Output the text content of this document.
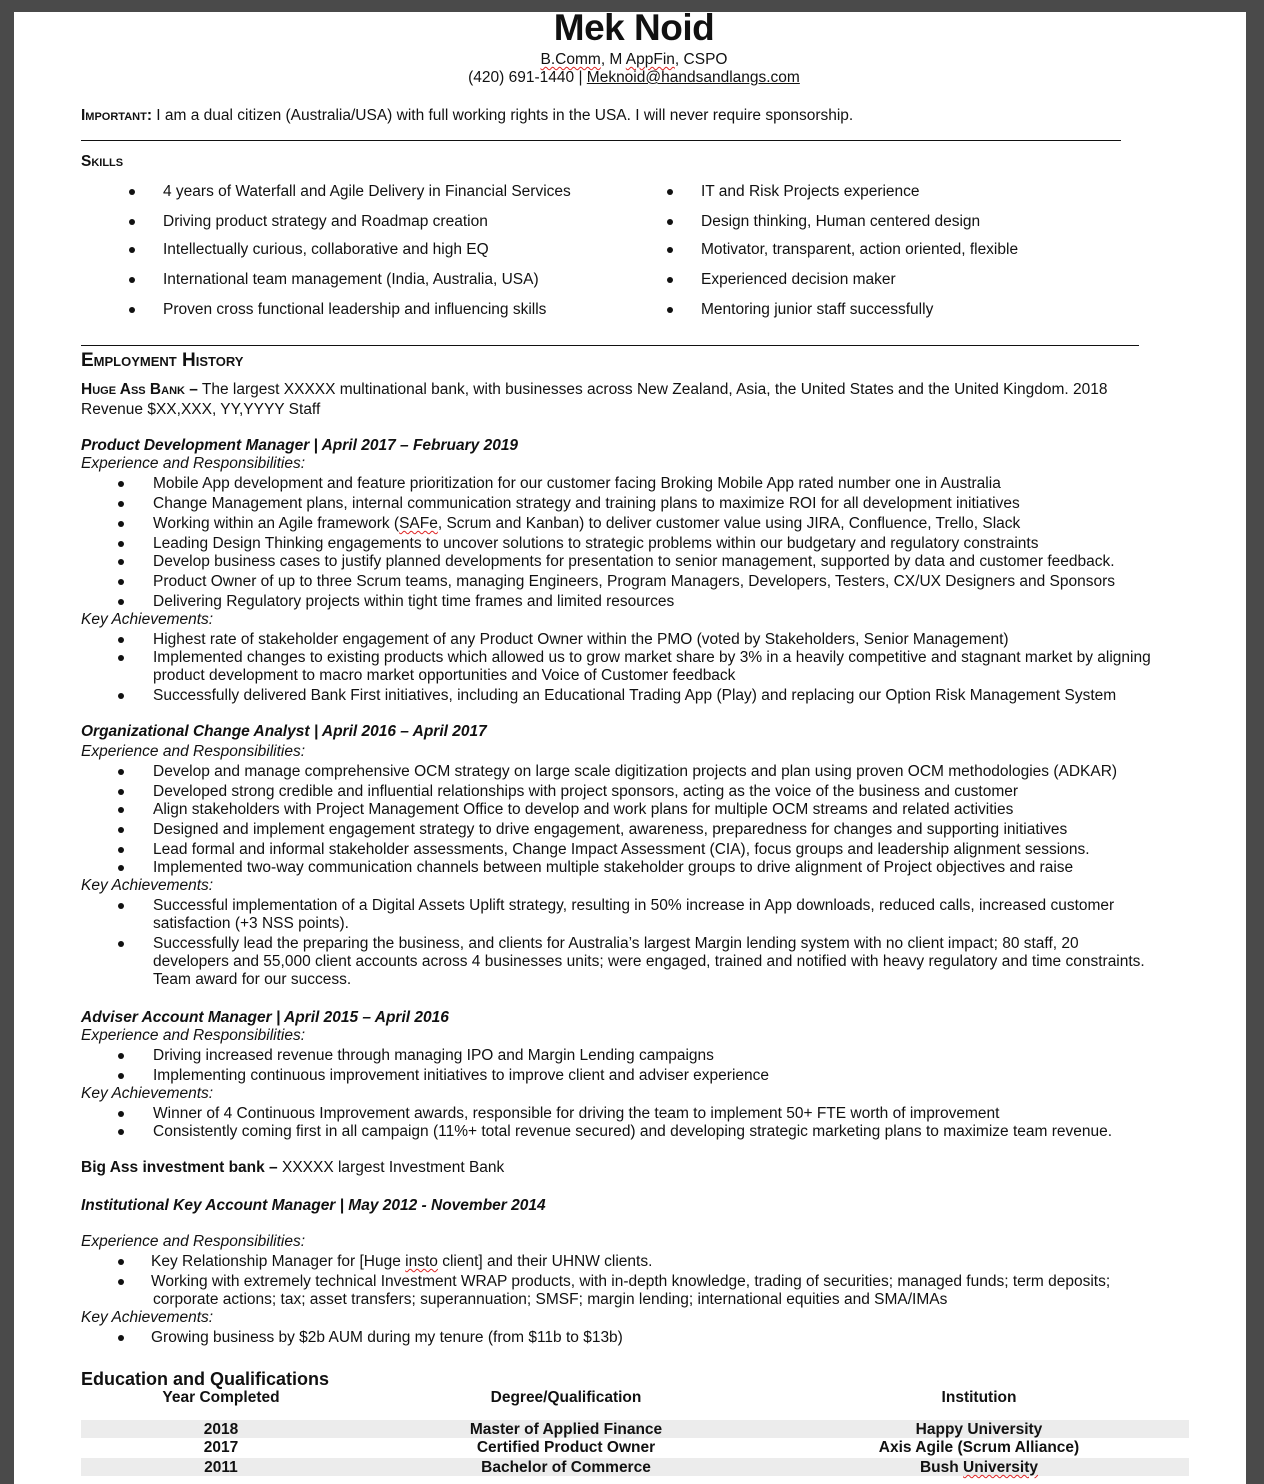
Mek Noid
B.Comm, M AppFin, CSPO
(420) 691-1440 | Meknoid@handsandlangs.com
Important: I am a dual citizen (Australia/USA) with full working rights in the USA. I will never require sponsorship.
Skills
4 years of Waterfall and Agile Delivery in Financial Services
Driving product strategy and Roadmap creation
Intellectually curious, collaborative and high EQ
International team management (India, Australia, USA)
Proven cross functional leadership and influencing skills
IT and Risk Projects experience
Design thinking, Human centered design
Motivator, transparent, action oriented, flexible
Experienced decision maker
Mentoring junior staff successfully
Employment History
Huge Ass Bank – The largest XXXXX multinational bank, with businesses across New Zealand, Asia, the United States and the United Kingdom. 2018
Revenue $XX,XXX, YY,YYYY Staff
Product Development Manager | April 2017 – February 2019
Experience and Responsibilities:
Mobile App development and feature prioritization for our customer facing Broking Mobile App rated number one in Australia
Change Management plans, internal communication strategy and training plans to maximize ROI for all development initiatives
Working within an Agile framework (SAFe, Scrum and Kanban) to deliver customer value using JIRA, Confluence, Trello, Slack
Leading Design Thinking engagements to uncover solutions to strategic problems within our budgetary and regulatory constraints
Develop business cases to justify planned developments for presentation to senior management, supported by data and customer feedback.
Product Owner of up to three Scrum teams, managing Engineers, Program Managers, Developers, Testers, CX/UX Designers and Sponsors
Delivering Regulatory projects within tight time frames and limited resources
Key Achievements:
Highest rate of stakeholder engagement of any Product Owner within the PMO (voted by Stakeholders, Senior Management)
Implemented changes to existing products which allowed us to grow market share by 3% in a heavily competitive and stagnant market by aligning
product development to macro market opportunities and Voice of Customer feedback
Successfully delivered Bank First initiatives, including an Educational Trading App (Play) and replacing our Option Risk Management System
Organizational Change Analyst | April 2016 – April 2017
Experience and Responsibilities:
Develop and manage comprehensive OCM strategy on large scale digitization projects and plan using proven OCM methodologies (ADKAR)
Developed strong credible and influential relationships with project sponsors, acting as the voice of the business and customer
Align stakeholders with Project Management Office to develop and work plans for multiple OCM streams and related activities
Designed and implement engagement strategy to drive engagement, awareness, preparedness for changes and supporting initiatives
Lead formal and informal stakeholder assessments, Change Impact Assessment (CIA), focus groups and leadership alignment sessions.
Implemented two-way communication channels between multiple stakeholder groups to drive alignment of Project objectives and raise
Key Achievements:
Successful implementation of a Digital Assets Uplift strategy, resulting in 50% increase in App downloads, reduced calls, increased customer
satisfaction (+3 NSS points).
Successfully lead the preparing the business, and clients for Australia’s largest Margin lending system with no client impact; 80 staff, 20
developers and 55,000 client accounts across 4 businesses units; were engaged, trained and notified with heavy regulatory and time constraints.
Team award for our success.
Adviser Account Manager | April 2015 – April 2016
Experience and Responsibilities:
Driving increased revenue through managing IPO and Margin Lending campaigns
Implementing continuous improvement initiatives to improve client and adviser experience
Key Achievements:
Winner of 4 Continuous Improvement awards, responsible for driving the team to implement 50+ FTE worth of improvement
Consistently coming first in all campaign (11%+ total revenue secured) and developing strategic marketing plans to maximize team revenue.
Big Ass investment bank – XXXXX largest Investment Bank
Institutional Key Account Manager | May 2012 - November 2014
Experience and Responsibilities:
Key Relationship Manager for [Huge insto client] and their UHNW clients.
Working with extremely technical Investment WRAP products, with in-depth knowledge, trading of securities; managed funds; term deposits;
corporate actions; tax; asset transfers; superannuation; SMSF; margin lending; international equities and SMA/IMAs
Key Achievements:
Growing business by $2b AUM during my tenure (from $11b to $13b)
Education and Qualifications
Year Completed	Degree/Qualification	Institution
2018	Master of Applied Finance	Happy University
2017	Certified Product Owner	Axis Agile (Scrum Alliance)
2011	Bachelor of Commerce	Bush University
